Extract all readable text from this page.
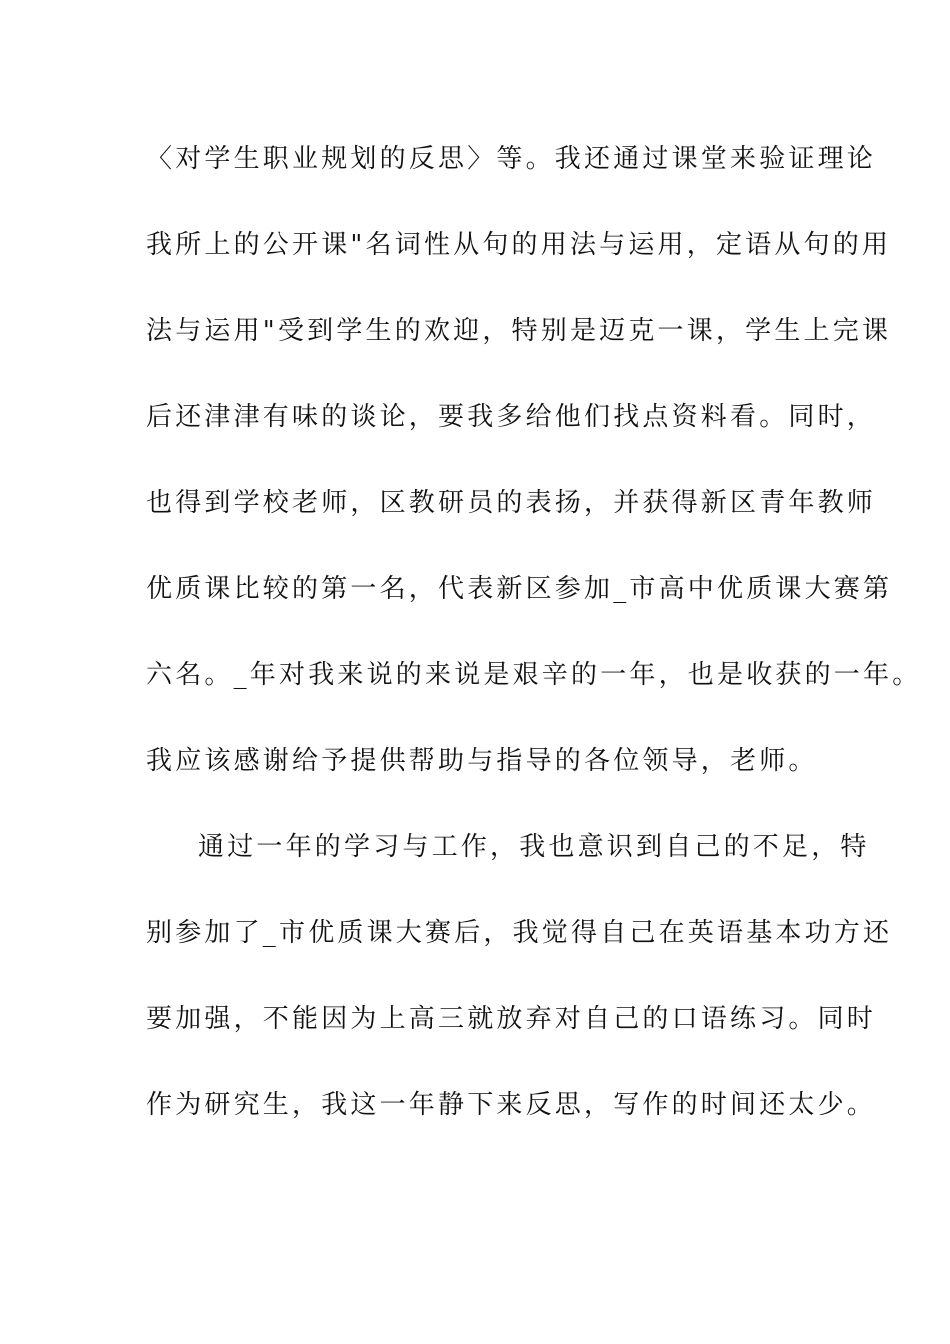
〈对学生职业规划的反思〉等。我还通过课堂来验证理论
我所上的公开课"名词性从句的用法与运用，定语从句的用
法与运用"受到学生的欢迎，特别是迈克一课，学生上完课
后还津津有味的谈论，要我多给他们找点资料看。同时，
也得到学校老师，区教研员的表扬，并获得新区青年教师
优质课比较的第一名，代表新区参加_市高中优质课大赛第
六名。_年对我来说的来说是艰辛的一年，也是收获的一年。
我应该感谢给予提供帮助与指导的各位领导，老师。
通过一年的学习与工作，我也意识到自己的不足，特
别参加了_市优质课大赛后，我觉得自己在英语基本功方还
要加强，不能因为上高三就放弃对自己的口语练习。同时
作为研究生，我这一年静下来反思，写作的时间还太少。
